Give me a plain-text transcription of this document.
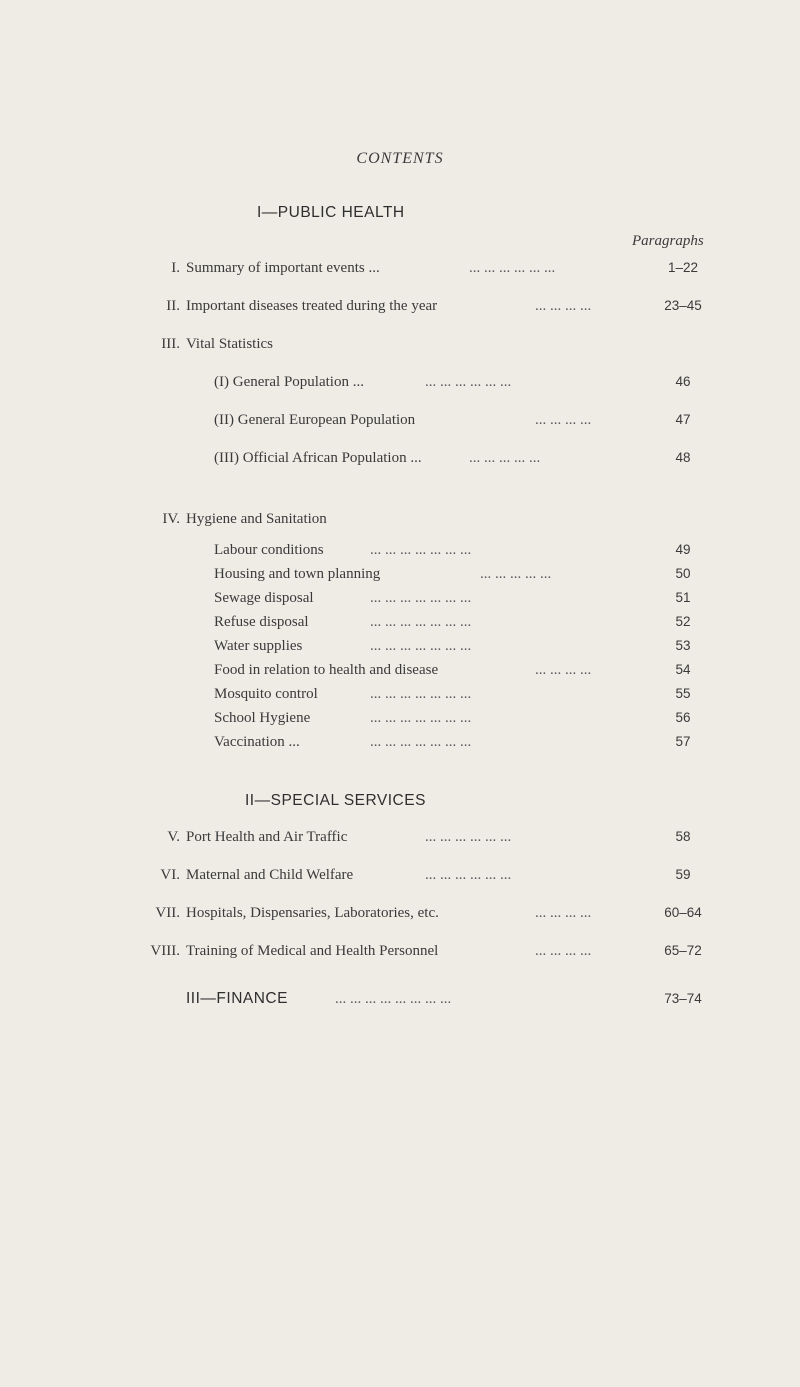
CONTENTS
I—PUBLIC HEALTH
Paragraphs
I. Summary of important events ...	... ... ... ... ... ...	1–22
II. Important diseases treated during the year	... ... ... ...	23–45
III. Vital Statistics
(I) General Population ...	... ... ... ... ... ...	46
(II) General European Population	... ... ... ...	47
(III) Official African Population ...	... ... ... ... ...	48
IV. Hygiene and Sanitation
Labour conditions	... ... ... ... ... ... ...	49
Housing and town planning	... ... ... ... ...	50
Sewage disposal	... ... ... ... ... ... ...	51
Refuse disposal	... ... ... ... ... ... ...	52
Water supplies	... ... ... ... ... ... ...	53
Food in relation to health and disease	... ... ... ...	54
Mosquito control	... ... ... ... ... ... ...	55
School Hygiene	... ... ... ... ... ... ...	56
Vaccination ...	... ... ... ... ... ... ...	57
II—SPECIAL SERVICES
V. Port Health and Air Traffic	... ... ... ... ... ...	58
VI. Maternal and Child Welfare	... ... ... ... ... ...	59
VII. Hospitals, Dispensaries, Laboratories, etc.	... ... ... ...	60–64
VIII. Training of Medical and Health Personnel	... ... ... ...	65–72
III—FINANCE	... ... ... ... ... ... ... ...	73–74
